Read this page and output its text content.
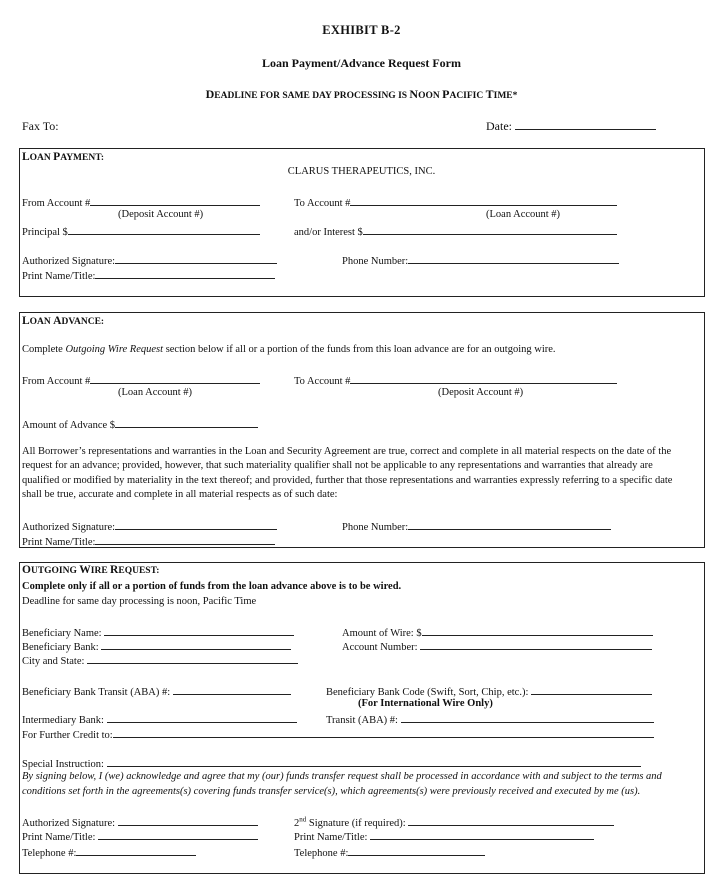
EXHIBIT B-2
Loan Payment/Advance Request Form
DEADLINE FOR SAME DAY PROCESSING IS NOON PACIFIC TIME*
Fax To:	Date:
LOAN PAYMENT:
CLARUS THERAPEUTICS, INC.
From Account #
(Deposit Account #)
To Account #
(Loan Account #)
Principal $	and/or Interest $
Authorized Signature:	Phone Number:
Print Name/Title:
LOAN ADVANCE:
Complete Outgoing Wire Request section below if all or a portion of the funds from this loan advance are for an outgoing wire.
From Account #
(Loan Account #)
To Account #
(Deposit Account #)
Amount of Advance $
All Borrower’s representations and warranties in the Loan and Security Agreement are true, correct and complete in all material respects on the date of the
request for an advance; provided, however, that such materiality qualifier shall not be applicable to any representations and warranties that already are
qualified or modified by materiality in the text thereof; and provided, further that those representations and warranties expressly referring to a specific date
shall be true, accurate and complete in all material respects as of such date:
Authorized Signature:	Phone Number:
Print Name/Title:
OUTGOING WIRE REQUEST:
Complete only if all or a portion of funds from the loan advance above is to be wired.
Deadline for same day processing is noon, Pacific Time
Beneficiary Name:	Amount of Wire: $
Beneficiary Bank:	Account Number:
City and State:
Beneficiary Bank Transit (ABA) #:	Beneficiary Bank Code (Swift, Sort, Chip, etc.):
(For International Wire Only)
Intermediary Bank:	Transit (ABA) #:
For Further Credit to:
Special Instruction:
By signing below, I (we) acknowledge and agree that my (our) funds transfer request shall be processed in accordance with and subject to the terms and
conditions set forth in the agreements(s) covering funds transfer service(s), which agreements(s) were previously received and executed by me (us).
Authorized Signature:	2nd Signature (if required):
Print Name/Title:	Print Name/Title:
Telephone #:	Telephone #:
